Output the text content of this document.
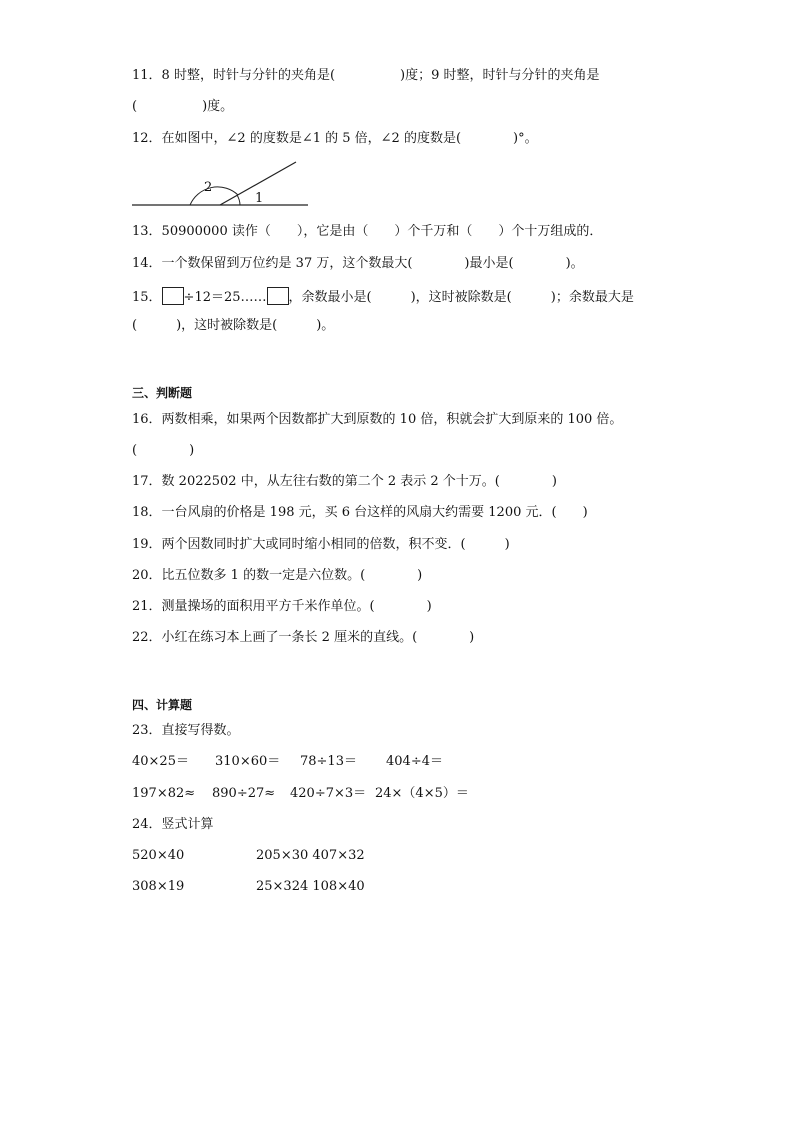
11．8 时整，时针与分针的夹角是(　　　　　)度；9 时整，时针与分针的夹角是
(　　　　　)度。
12．在如图中，∠2 的度数是∠1 的 5 倍，∠2 的度数是(　　　　)°。
2
1
13．50900000 读作（　　），它是由（　　）个千万和（　　）个十万组成的．
14．一个数保留到万位约是 37 万，这个数最大(　　　　)最小是(　　　　)。
15． ÷12＝25…… ，余数最小是(　　　)，这时被除数是(　　　)；余数最大是
(　　　)，这时被除数是(　　　)。
三、判断题
16．两数相乘，如果两个因数都扩大到原数的 10 倍，积就会扩大到原来的 100 倍。
(　　　　)
17．数 2022502 中，从左往右数的第二个 2 表示 2 个十万。(　　　　)
18．一台风扇的价格是 198 元，买 6 台这样的风扇大约需要 1200 元．(　　)
19．两个因数同时扩大或同时缩小相同的倍数，积不变．(　　　)
20．比五位数多 1 的数一定是六位数。(　　　　)
21．测量操场的面积用平方千米作单位。(　　　　)
22．小红在练习本上画了一条长 2 厘米的直线。(　　　　)
四、计算题
23．直接写得数。
40×25＝ 310×60＝ 78÷13＝ 404÷4＝
197×82≈ 890÷27≈ 420÷7×3＝ 24×（4×5）＝
24．竖式计算
520×40	205×30 407×32
308×19	25×324 108×40
